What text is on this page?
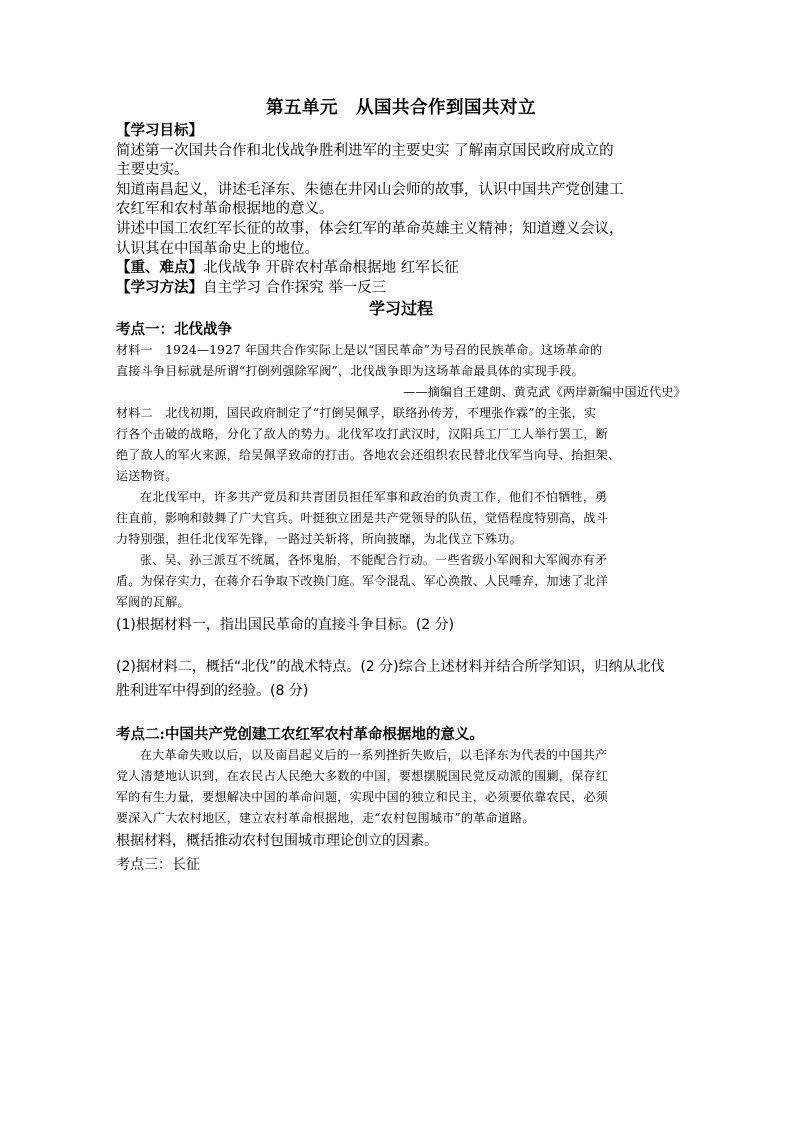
第五单元　从国共合作到国共对立

【学习目标】

简述第一次国共合作和北伐战争胜利进军的主要史实 了解南京国民政府成立的

主要史实。

知道南昌起义，讲述毛泽东、朱德在井冈山会师的故事，认识中国共产党创建工

农红军和农村革命根据地的意义。

讲述中国工农红军长征的故事，体会红军的革命英雄主义精神；知道遵义会议，

认识其在中国革命史上的地位。

【重、难点】北伐战争 开辟农村革命根据地 红军长征

【学习方法】自主学习 合作探究 举一反三

学习过程

考点一：北伐战争

材料一　1924—1927 年国共合作实际上是以“国民革命”为号召的民族革命。这场革命的

直接斗争目标就是所谓“打倒列强除军阀”，北伐战争即为这场革命最具体的实现手段。

——摘编自王建朗、黄克武《两岸新编中国近代史》

材料二　北伐初期，国民政府制定了“打倒吴佩孚，联络孙传芳，不理张作霖”的主张，实

行各个击破的战略，分化了敌人的势力。北伐军攻打武汉时，汉阳兵工厂工人举行罢工，断

绝了敌人的军火来源，给吴佩孚致命的打击。各地农会还组织农民替北伐军当向导、抬担架、

运送物资。

在北伐军中，许多共产党员和共青团员担任军事和政治的负责工作，他们不怕牺牲，勇

往直前，影响和鼓舞了广大官兵。叶挺独立团是共产党领导的队伍，觉悟程度特别高，战斗

力特别强，担任北伐军先锋，一路过关斩将，所向披靡，为北伐立下殊功。

张、吴、孙三派互不统属，各怀鬼胎，不能配合行动。一些省级小军阀和大军阀亦有矛

盾。为保存实力，在蒋介石争取下改换门庭。军令混乱、军心涣散、人民唾弃，加速了北洋

军阀的瓦解。

(1)根据材料一，指出国民革命的直接斗争目标。(2 分)

(2)据材料二，概括“北伐”的战术特点。(2 分)综合上述材料并结合所学知识，归纳从北伐

胜利进军中得到的经验。(8 分)

考点二:中国共产党创建工农红军农村革命根据地的意义。

在大革命失败以后，以及南昌起义后的一系列挫折失败后，以毛泽东为代表的中国共产

党人清楚地认识到，在农民占人民绝大多数的中国，要想摆脱国民党反动派的围剿，保存红

军的有生力量，要想解决中国的革命问题，实现中国的独立和民主，必须要依靠农民，必须

要深入广大农村地区，建立农村革命根据地，走“农村包围城市”的革命道路。

根据材料，概括推动农村包围城市理论创立的因素。

考点三：长征
